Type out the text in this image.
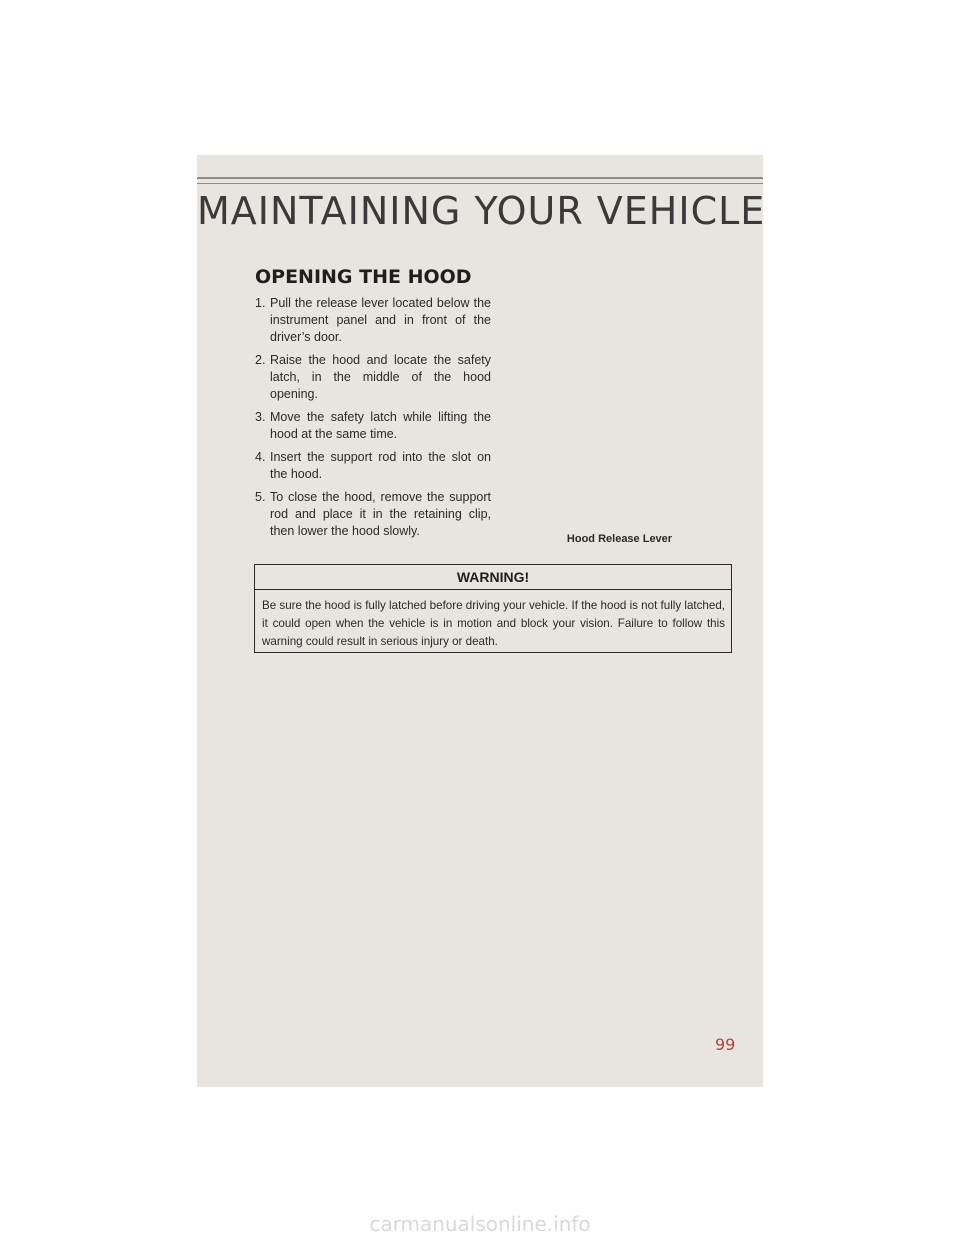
MAINTAINING YOUR VEHICLE
OPENING THE HOOD
1. Pull the release lever located below the instrument panel and in front of the driver’s door.
2. Raise the hood and locate the safety latch, in the middle of the hood opening.
3. Move the safety latch while lifting the hood at the same time.
4. Insert the support rod into the slot on the hood.
5. To close the hood, remove the support rod and place it in the retaining clip, then lower the hood slowly.
Hood Release Lever
WARNING!
Be sure the hood is fully latched before driving your vehicle. If the hood is not fully latched, it could open when the vehicle is in motion and block your vision. Failure to follow this warning could result in serious injury or death.
99
carmanualsonline.info
